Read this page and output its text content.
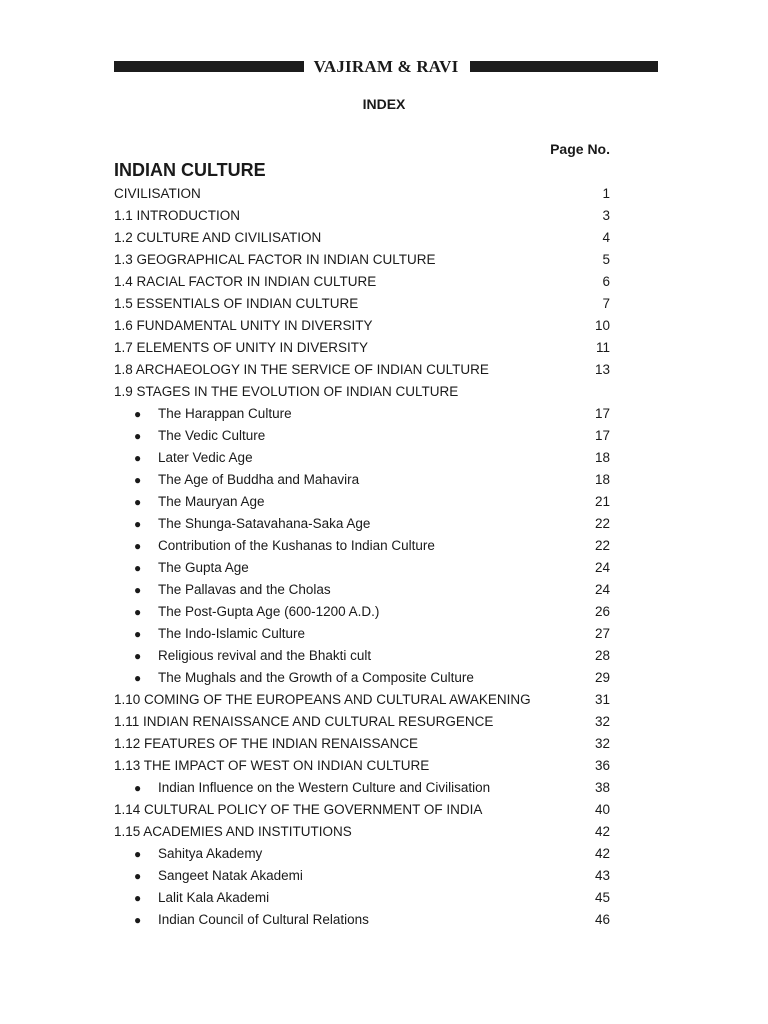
VAJIRAM & RAVI
INDEX
Page No.
INDIAN CULTURE
CIVILISATION	1
1.1 INTRODUCTION	3
1.2 CULTURE AND CIVILISATION	4
1.3 GEOGRAPHICAL FACTOR IN INDIAN CULTURE	5
1.4 RACIAL FACTOR IN INDIAN CULTURE	6
1.5 ESSENTIALS OF INDIAN CULTURE	7
1.6 FUNDAMENTAL UNITY IN DIVERSITY	10
1.7 ELEMENTS OF UNITY IN DIVERSITY	11
1.8 ARCHAEOLOGY IN THE SERVICE OF INDIAN CULTURE	13
1.9 STAGES IN THE EVOLUTION OF INDIAN CULTURE
● The Harappan Culture	17
● The Vedic Culture	17
● Later Vedic Age	18
● The Age of Buddha and Mahavira	18
● The Mauryan Age	21
● The Shunga-Satavahana-Saka Age	22
● Contribution of the Kushanas to Indian Culture	22
● The Gupta Age	24
● The Pallavas and the Cholas	24
● The Post-Gupta Age (600-1200 A.D.)	26
● The Indo-Islamic Culture	27
● Religious revival and the Bhakti cult	28
● The Mughals and the Growth of a Composite Culture	29
1.10 COMING OF THE EUROPEANS AND CULTURAL AWAKENING	31
1.11 INDIAN RENAISSANCE AND CULTURAL RESURGENCE	32
1.12 FEATURES OF THE INDIAN RENAISSANCE	32
1.13 THE IMPACT OF WEST ON INDIAN CULTURE	36
● Indian Influence on the Western Culture and Civilisation	38
1.14 CULTURAL POLICY OF THE GOVERNMENT OF INDIA	40
1.15 ACADEMIES AND INSTITUTIONS	42
● Sahitya Akademy	42
● Sangeet Natak Akademi	43
● Lalit Kala Akademi	45
● Indian Council of Cultural Relations	46
